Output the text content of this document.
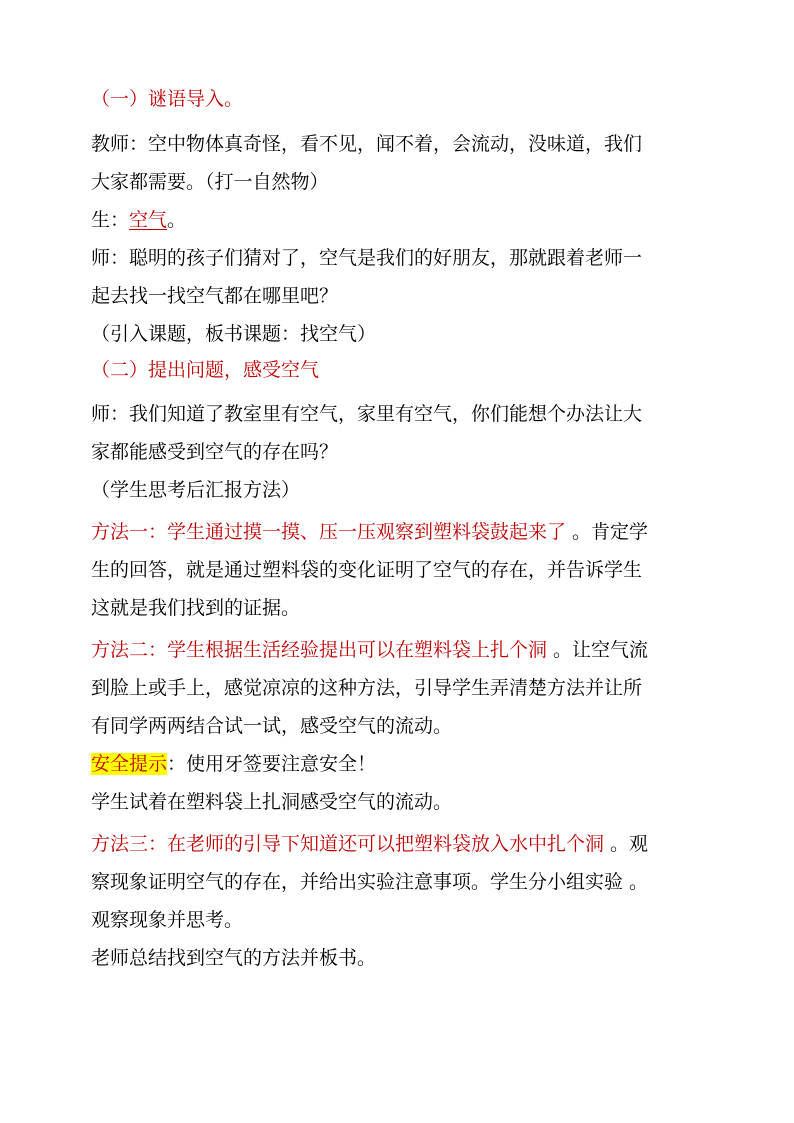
（一）谜语导入。

教师：空中物体真奇怪，看不见，闻不着，会流动，没味道，我们

大家都需要。（打一自然物）

生：空气。

师：聪明的孩子们猜对了，空气是我们的好朋友，那就跟着老师一

起去找一找空气都在哪里吧？

（引入课题，板书课题：找空气）

（二）提出问题，感受空气

师：我们知道了教室里有空气，家里有空气，你们能想个办法让大

家都能感受到空气的存在吗？

（学生思考后汇报方法）

方法一：学生通过摸一摸、压一压观察到塑料袋鼓起来了 。肯定学

生的回答，就是通过塑料袋的变化证明了空气的存在，并告诉学生

这就是我们找到的证据。

方法二：学生根据生活经验提出可以在塑料袋上扎个洞 。让空气流

到脸上或手上，感觉凉凉的这种方法，引导学生弄清楚方法并让所

有同学两两结合试一试，感受空气的流动。

安全提示：使用牙签要注意安全！

学生试着在塑料袋上扎洞感受空气的流动。

方法三：在老师的引导下知道还可以把塑料袋放入水中扎个洞 。观

察现象证明空气的存在，并给出实验注意事项。学生分小组实验 。

观察现象并思考。

老师总结找到空气的方法并板书。
